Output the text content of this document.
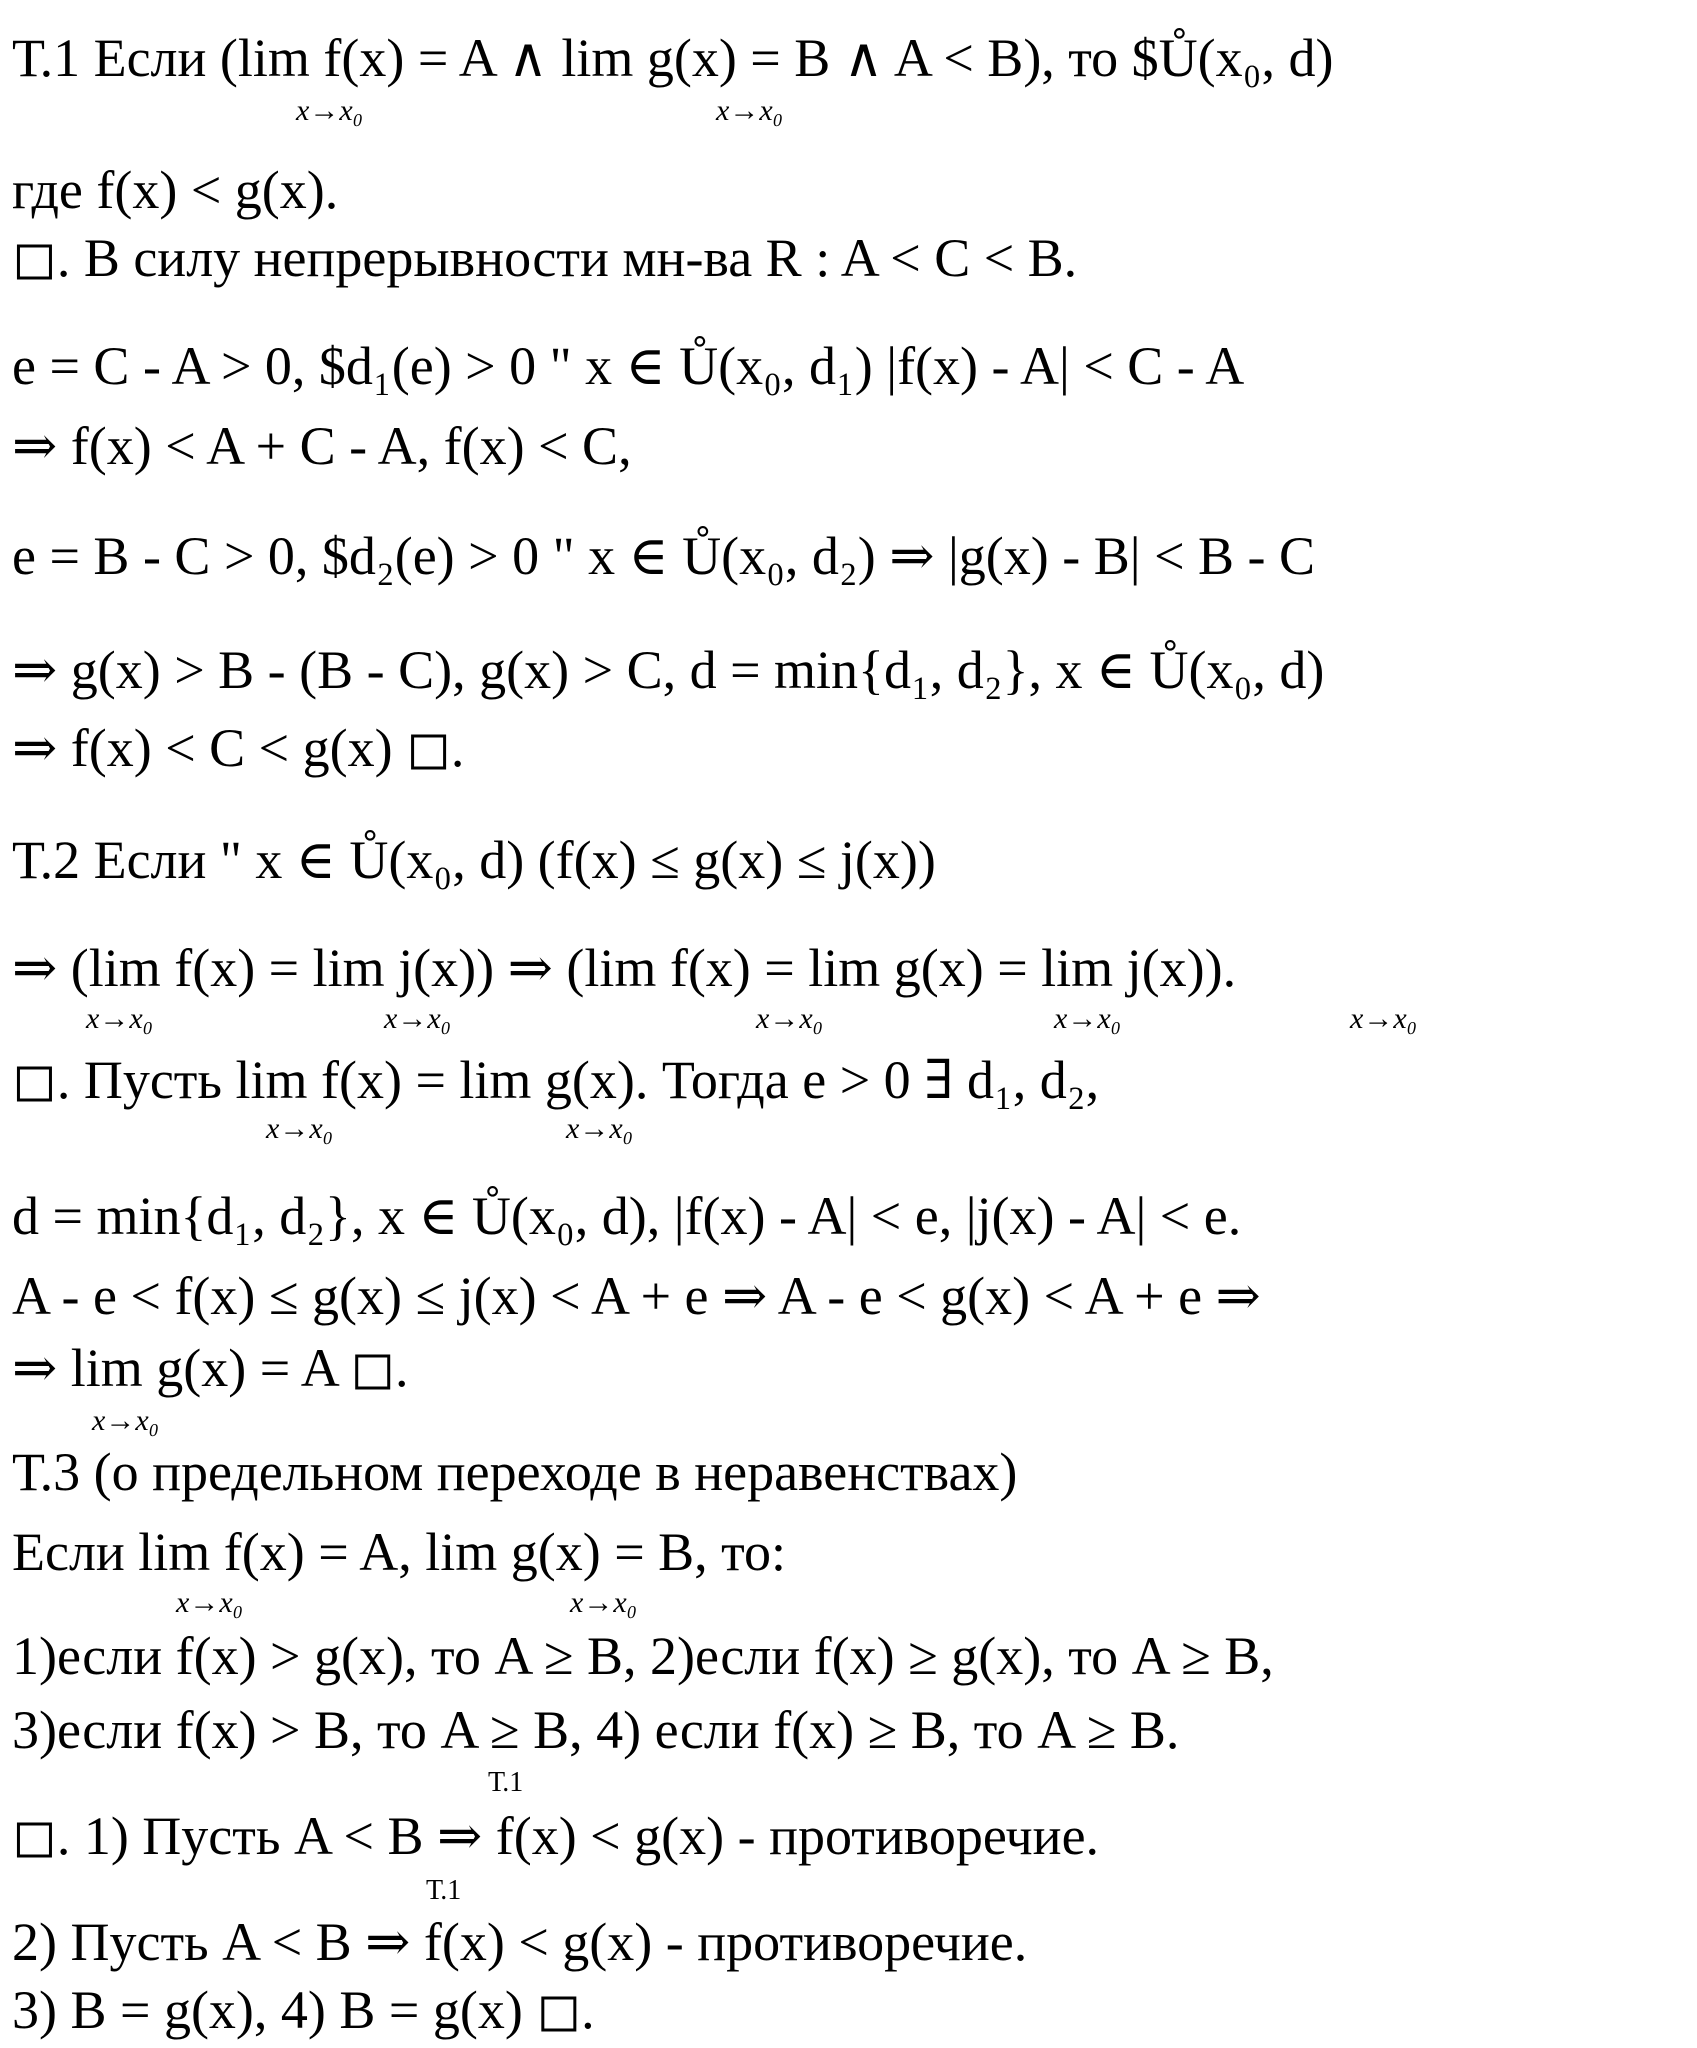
Т.1 Если (lim f(x) = A ∧ lim g(x) = B ∧ A < B), то $Ů(x₀, d)
x→x₀	x→x₀
где f(x) < g(x).
◻. В силу непрерывности мн-ва R : A < C < B.
e = C - A > 0, $d₁(e) > 0 " x ∈ Ů(x₀, d₁) |f(x) - A| < C - A
⇒ f(x) < A + C - A, f(x) < C,
e = B - C > 0, $d₂(e) > 0 " x ∈ Ů(x₀, d₂) ⇒ |g(x) - B| < B - C
⇒ g(x) > B - (B - C), g(x) > C, d = min{d₁, d₂}, x ∈ Ů(x₀, d)
⇒ f(x) < C < g(x) ◻.
Т.2 Если " x ∈ Ů(x₀, d) (f(x) ≤ g(x) ≤ j(x))
⇒ (lim f(x) = lim j(x)) ⇒ (lim f(x) = lim g(x) = lim j(x)).
x→x₀	x→x₀	x→x₀	x→x₀	x→x₀
◻. Пусть lim f(x) = lim g(x). Тогда e > 0 ∃ d₁, d₂,
x→x₀	x→x₀
d = min{d₁, d₂}, x ∈ Ů(x₀, d), |f(x) - A| < e, |j(x) - A| < e.
A - e < f(x) ≤ g(x) ≤ j(x) < A + e ⇒ A - e < g(x) < A + e ⇒
⇒ lim g(x) = A ◻.
x→x₀
Т.3 (о предельном переходе в неравенствах)
Если lim f(x) = A, lim g(x) = B, то:
x→x₀	x→x₀
1)если f(x) > g(x), то A ≥ B, 2)если f(x) ≥ g(x), то A ≥ B,
3)если f(x) > B, то A ≥ B, 4) если f(x) ≥ B, то A ≥ B.
Т.1
◻. 1) Пусть A < B ⇒ f(x) < g(x) - противоречие.
Т.1
2) Пусть A < B ⇒ f(x) < g(x) - противоречие.
3) B = g(x), 4) B = g(x) ◻.
